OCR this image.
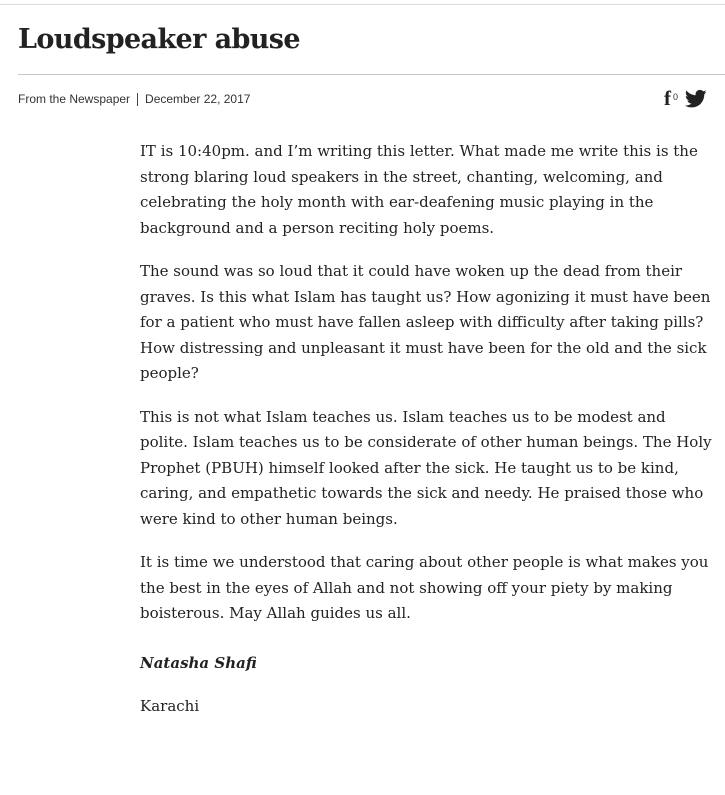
Loudspeaker abuse
From the Newspaper December 22, 2017	f 0

IT is 10:40pm. and I’m writing this letter. What made me write this is the strong blaring loud speakers in the street, chanting, welcoming, and celebrating the holy month with ear-deafening music playing in the background and a person reciting holy poems.

The sound was so loud that it could have woken up the dead from their graves. Is this what Islam has taught us? How agonizing it must have been for a patient who must have fallen asleep with difficulty after taking pills? How distressing and unpleasant it must have been for the old and the sick people?

This is not what Islam teaches us. Islam teaches us to be modest and polite. Islam teaches us to be considerate of other human beings. The Holy Prophet (PBUH) himself looked after the sick. He taught us to be kind, caring, and empathetic towards the sick and needy. He praised those who were kind to other human beings.

It is time we understood that caring about other people is what makes you the best in the eyes of Allah and not showing off your piety by making boisterous. May Allah guides us all.

Natasha Shafi

Karachi
